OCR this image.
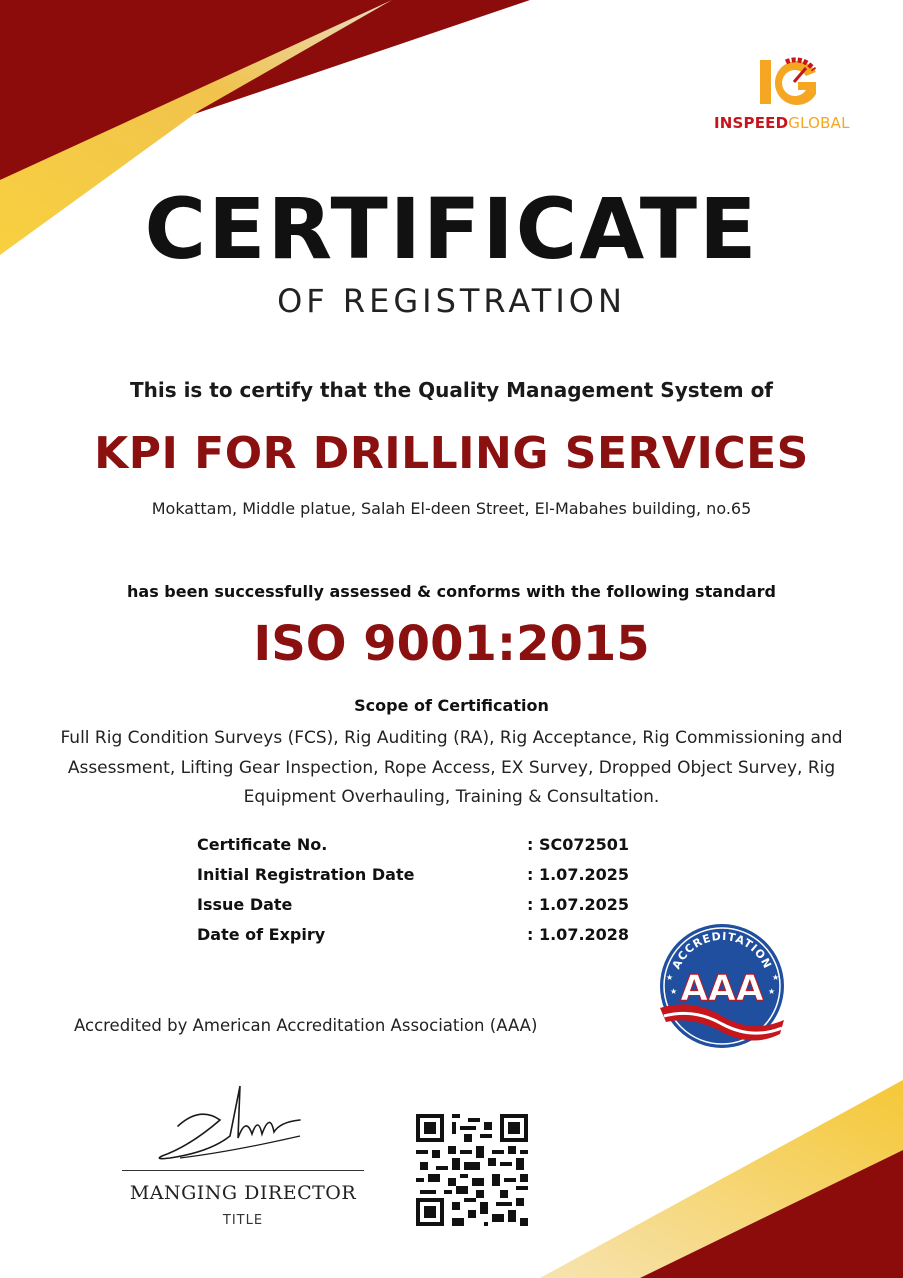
INSPEEDGLOBAL
CERTIFICATE
OF REGISTRATION
This is to certify that the Quality Management System of
KPI FOR DRILLING SERVICES
Mokattam, Middle platue, Salah El-deen Street, El-Mabahes building, no.65
has been successfully assessed & conforms with the following standard
ISO 9001:2015
Scope of Certification
Full Rig Condition Surveys (FCS), Rig Auditing (RA), Rig Acceptance, Rig Commissioning and Assessment, Lifting Gear Inspection, Rope Access, EX Survey, Dropped Object Survey, Rig Equipment Overhauling, Training & Consultation.
Certificate No.	: SC072501
Initial Registration Date	: 1.07.2025
Issue Date	: 1.07.2025
Date of Expiry	: 1.07.2028
Accredited by American Accreditation Association (AAA)
ACCREDITATION
AAA
★	★
★	★
MANGING DIRECTOR
TITLE
